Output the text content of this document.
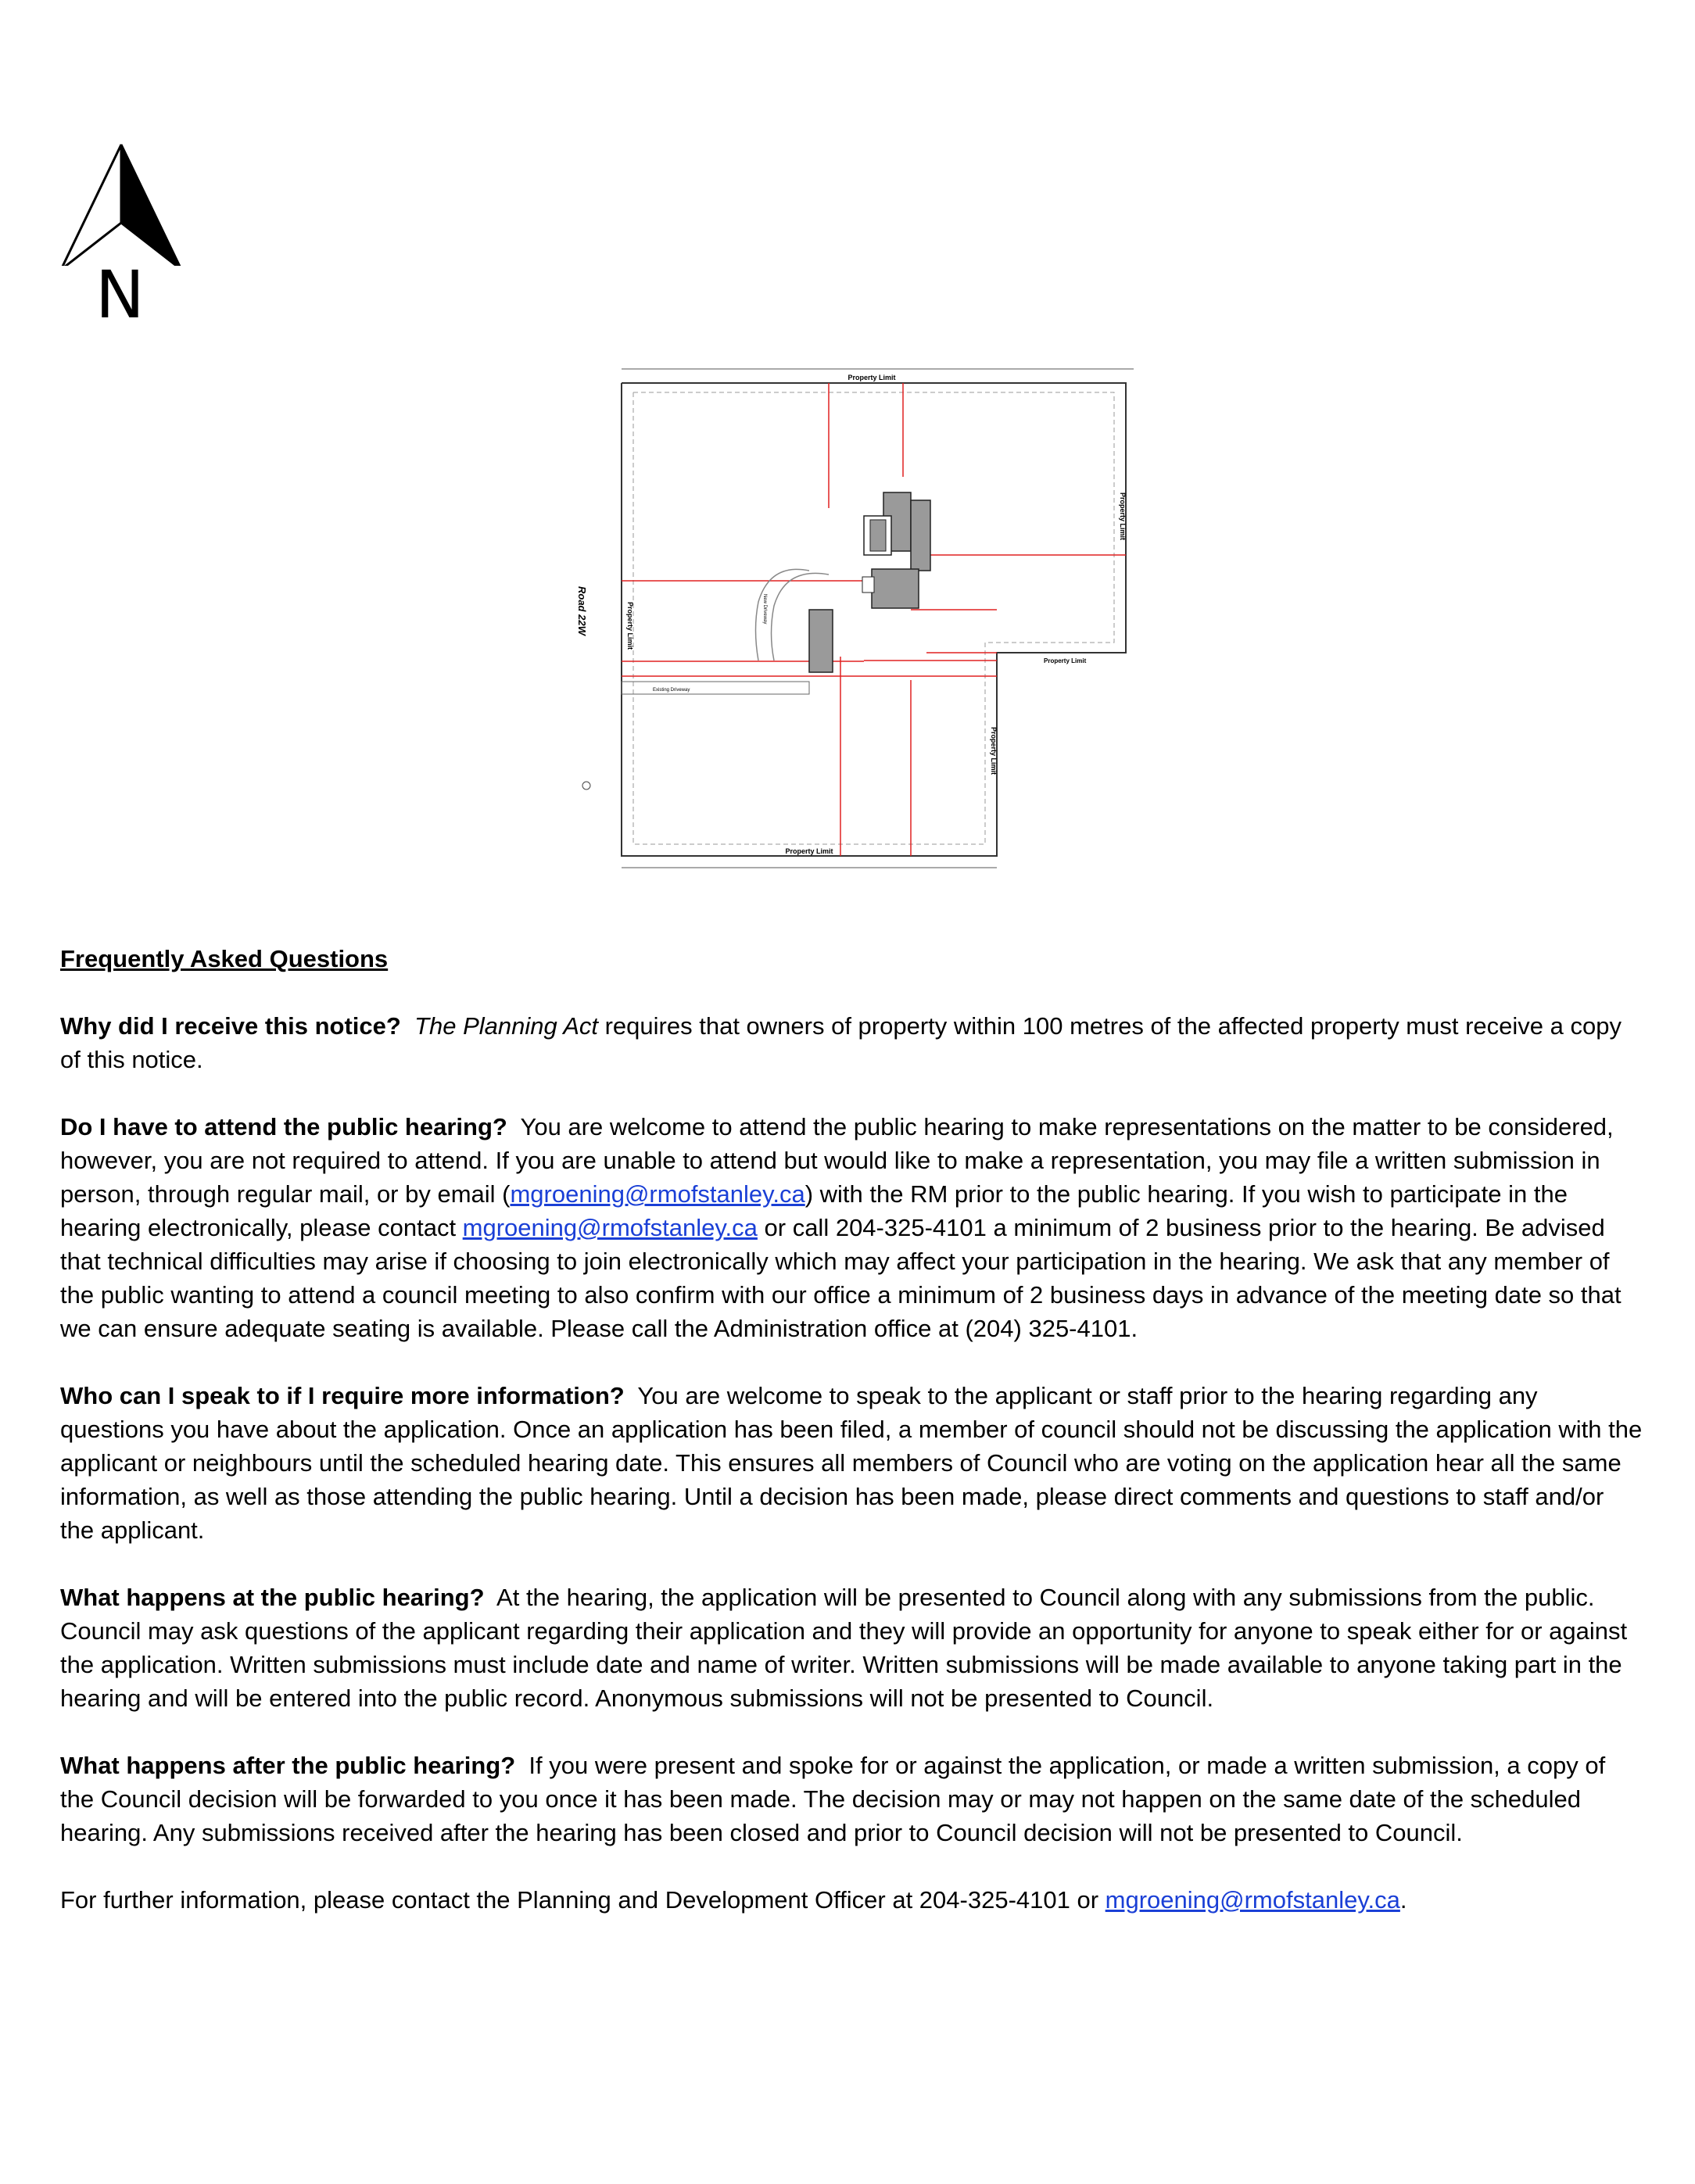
N
Property Limit
Property Limit
Property Limit
Property Limit
Property Limit
Property Limit
Existing Driveway
New Driveway
Road 22W
Frequently Asked Questions

Why did I receive this notice? The Planning Act requires that owners of property within 100 metres of the affected property must receive a copy of this notice.

Do I have to attend the public hearing? You are welcome to attend the public hearing to make representations on the matter to be considered, however, you are not required to attend. If you are unable to attend but would like to make a representation, you may file a written submission in person, through regular mail, or by email (mgroening@rmofstanley.ca) with the RM prior to the public hearing. If you wish to participate in the hearing electronically, please contact mgroening@rmofstanley.ca or call 204-325-4101 a minimum of 2 business prior to the hearing. Be advised that technical difficulties may arise if choosing to join electronically which may affect your participation in the hearing. We ask that any member of the public wanting to attend a council meeting to also confirm with our office a minimum of 2 business days in advance of the meeting date so that we can ensure adequate seating is available. Please call the Administration office at (204) 325-4101.

Who can I speak to if I require more information? You are welcome to speak to the applicant or staff prior to the hearing regarding any questions you have about the application. Once an application has been filed, a member of council should not be discussing the application with the applicant or neighbours until the scheduled hearing date. This ensures all members of Council who are voting on the application hear all the same information, as well as those attending the public hearing. Until a decision has been made, please direct comments and questions to staff and/or the applicant.

What happens at the public hearing? At the hearing, the application will be presented to Council along with any submissions from the public. Council may ask questions of the applicant regarding their application and they will provide an opportunity for anyone to speak either for or against the application. Written submissions must include date and name of writer. Written submissions will be made available to anyone taking part in the hearing and will be entered into the public record. Anonymous submissions will not be presented to Council.

What happens after the public hearing? If you were present and spoke for or against the application, or made a written submission, a copy of the Council decision will be forwarded to you once it has been made. The decision may or may not happen on the same date of the scheduled hearing. Any submissions received after the hearing has been closed and prior to Council decision will not be presented to Council.

For further information, please contact the Planning and Development Officer at 204-325-4101 or mgroening@rmofstanley.ca.
